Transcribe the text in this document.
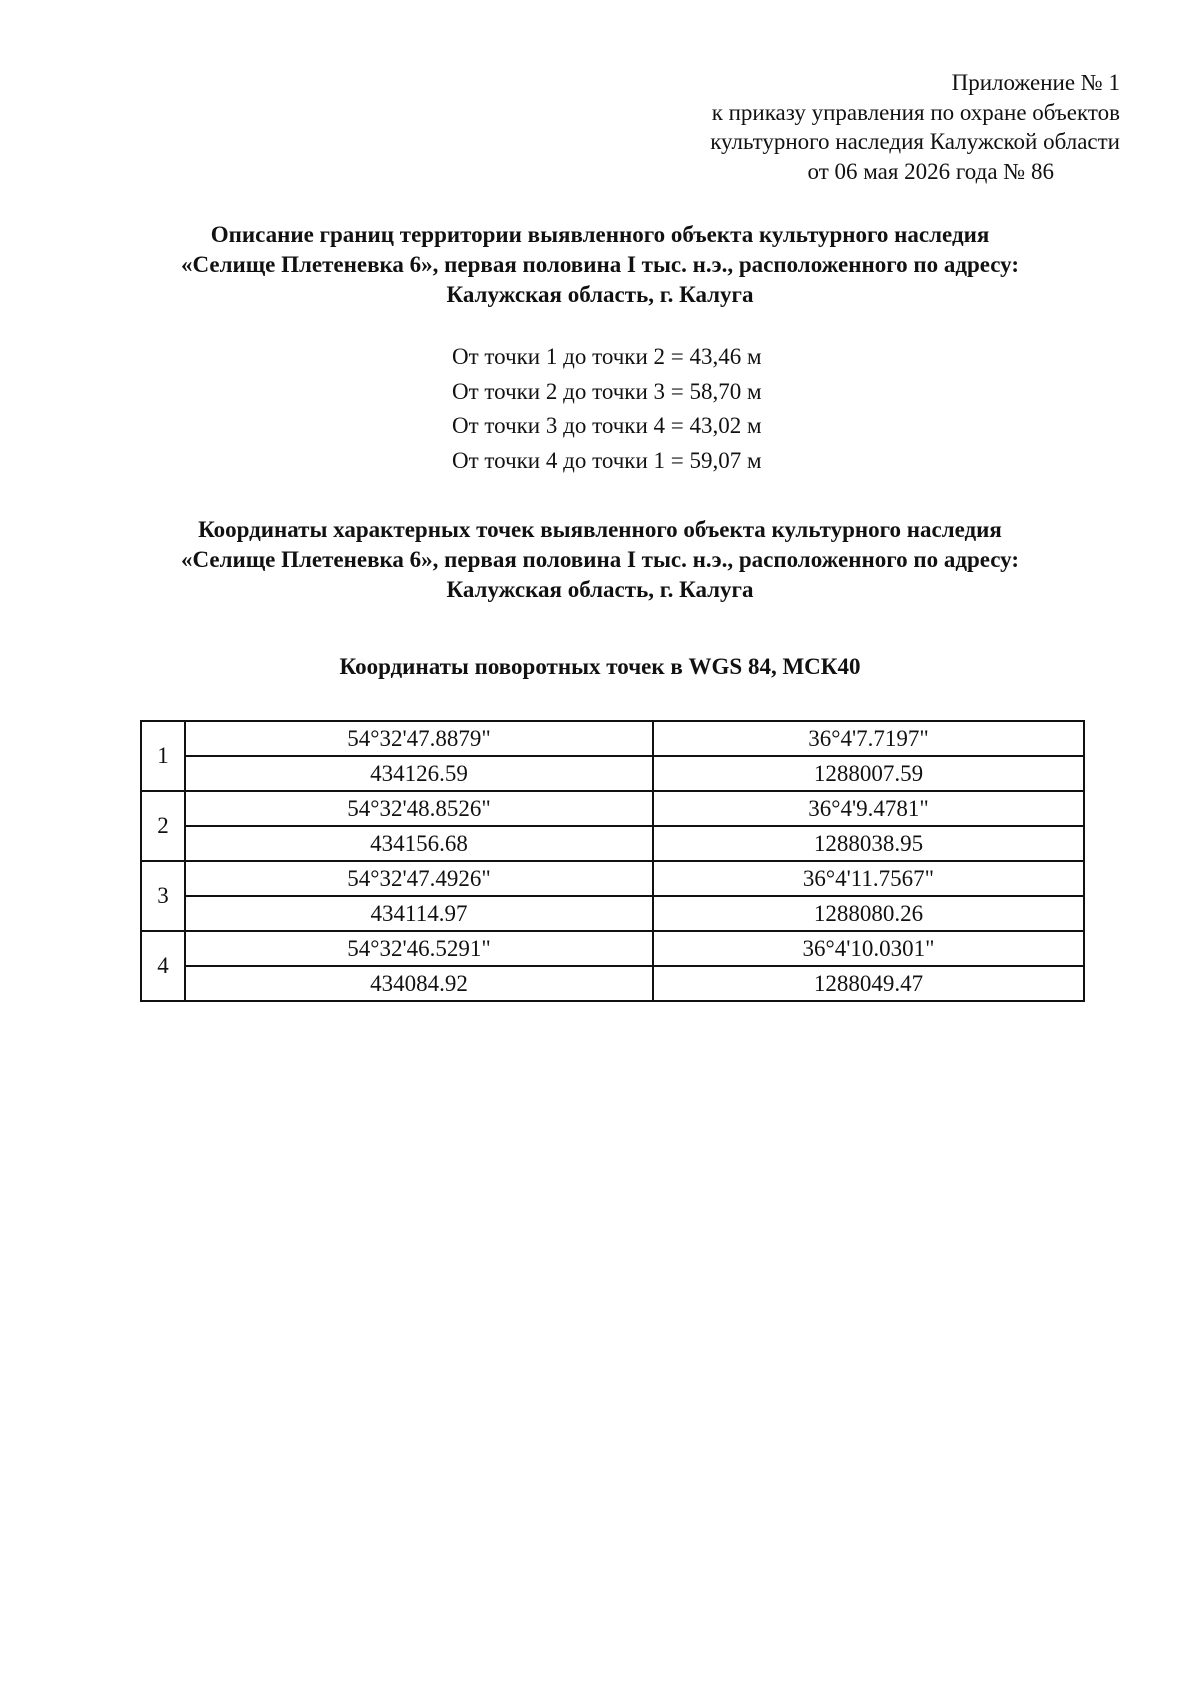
Приложение № 1
к приказу управления по охране объектов
культурного наследия Калужской области
от 06 мая 2026 года № 86
Описание границ территории выявленного объекта культурного наследия
«Селище Плетеневка 6», первая половина I тыс. н.э., расположенного по адресу:
Калужская область, г. Калуга
От точки 1 до точки 2 = 43,46 м
От точки 2 до точки 3 = 58,70 м
От точки 3 до точки 4 = 43,02 м
От точки 4 до точки 1 = 59,07 м
Координаты характерных точек выявленного объекта культурного наследия
«Селище Плетеневка 6», первая половина I тыс. н.э., расположенного по адресу:
Калужская область, г. Калуга
Координаты поворотных точек в WGS 84, МСК40
1	54°32'47.8879"	36°4'7.7197"
	434126.59	1288007.59
2	54°32'48.8526"	36°4'9.4781"
	434156.68	1288038.95
3	54°32'47.4926"	36°4'11.7567"
	434114.97	1288080.26
4	54°32'46.5291"	36°4'10.0301"
	434084.92	1288049.47
